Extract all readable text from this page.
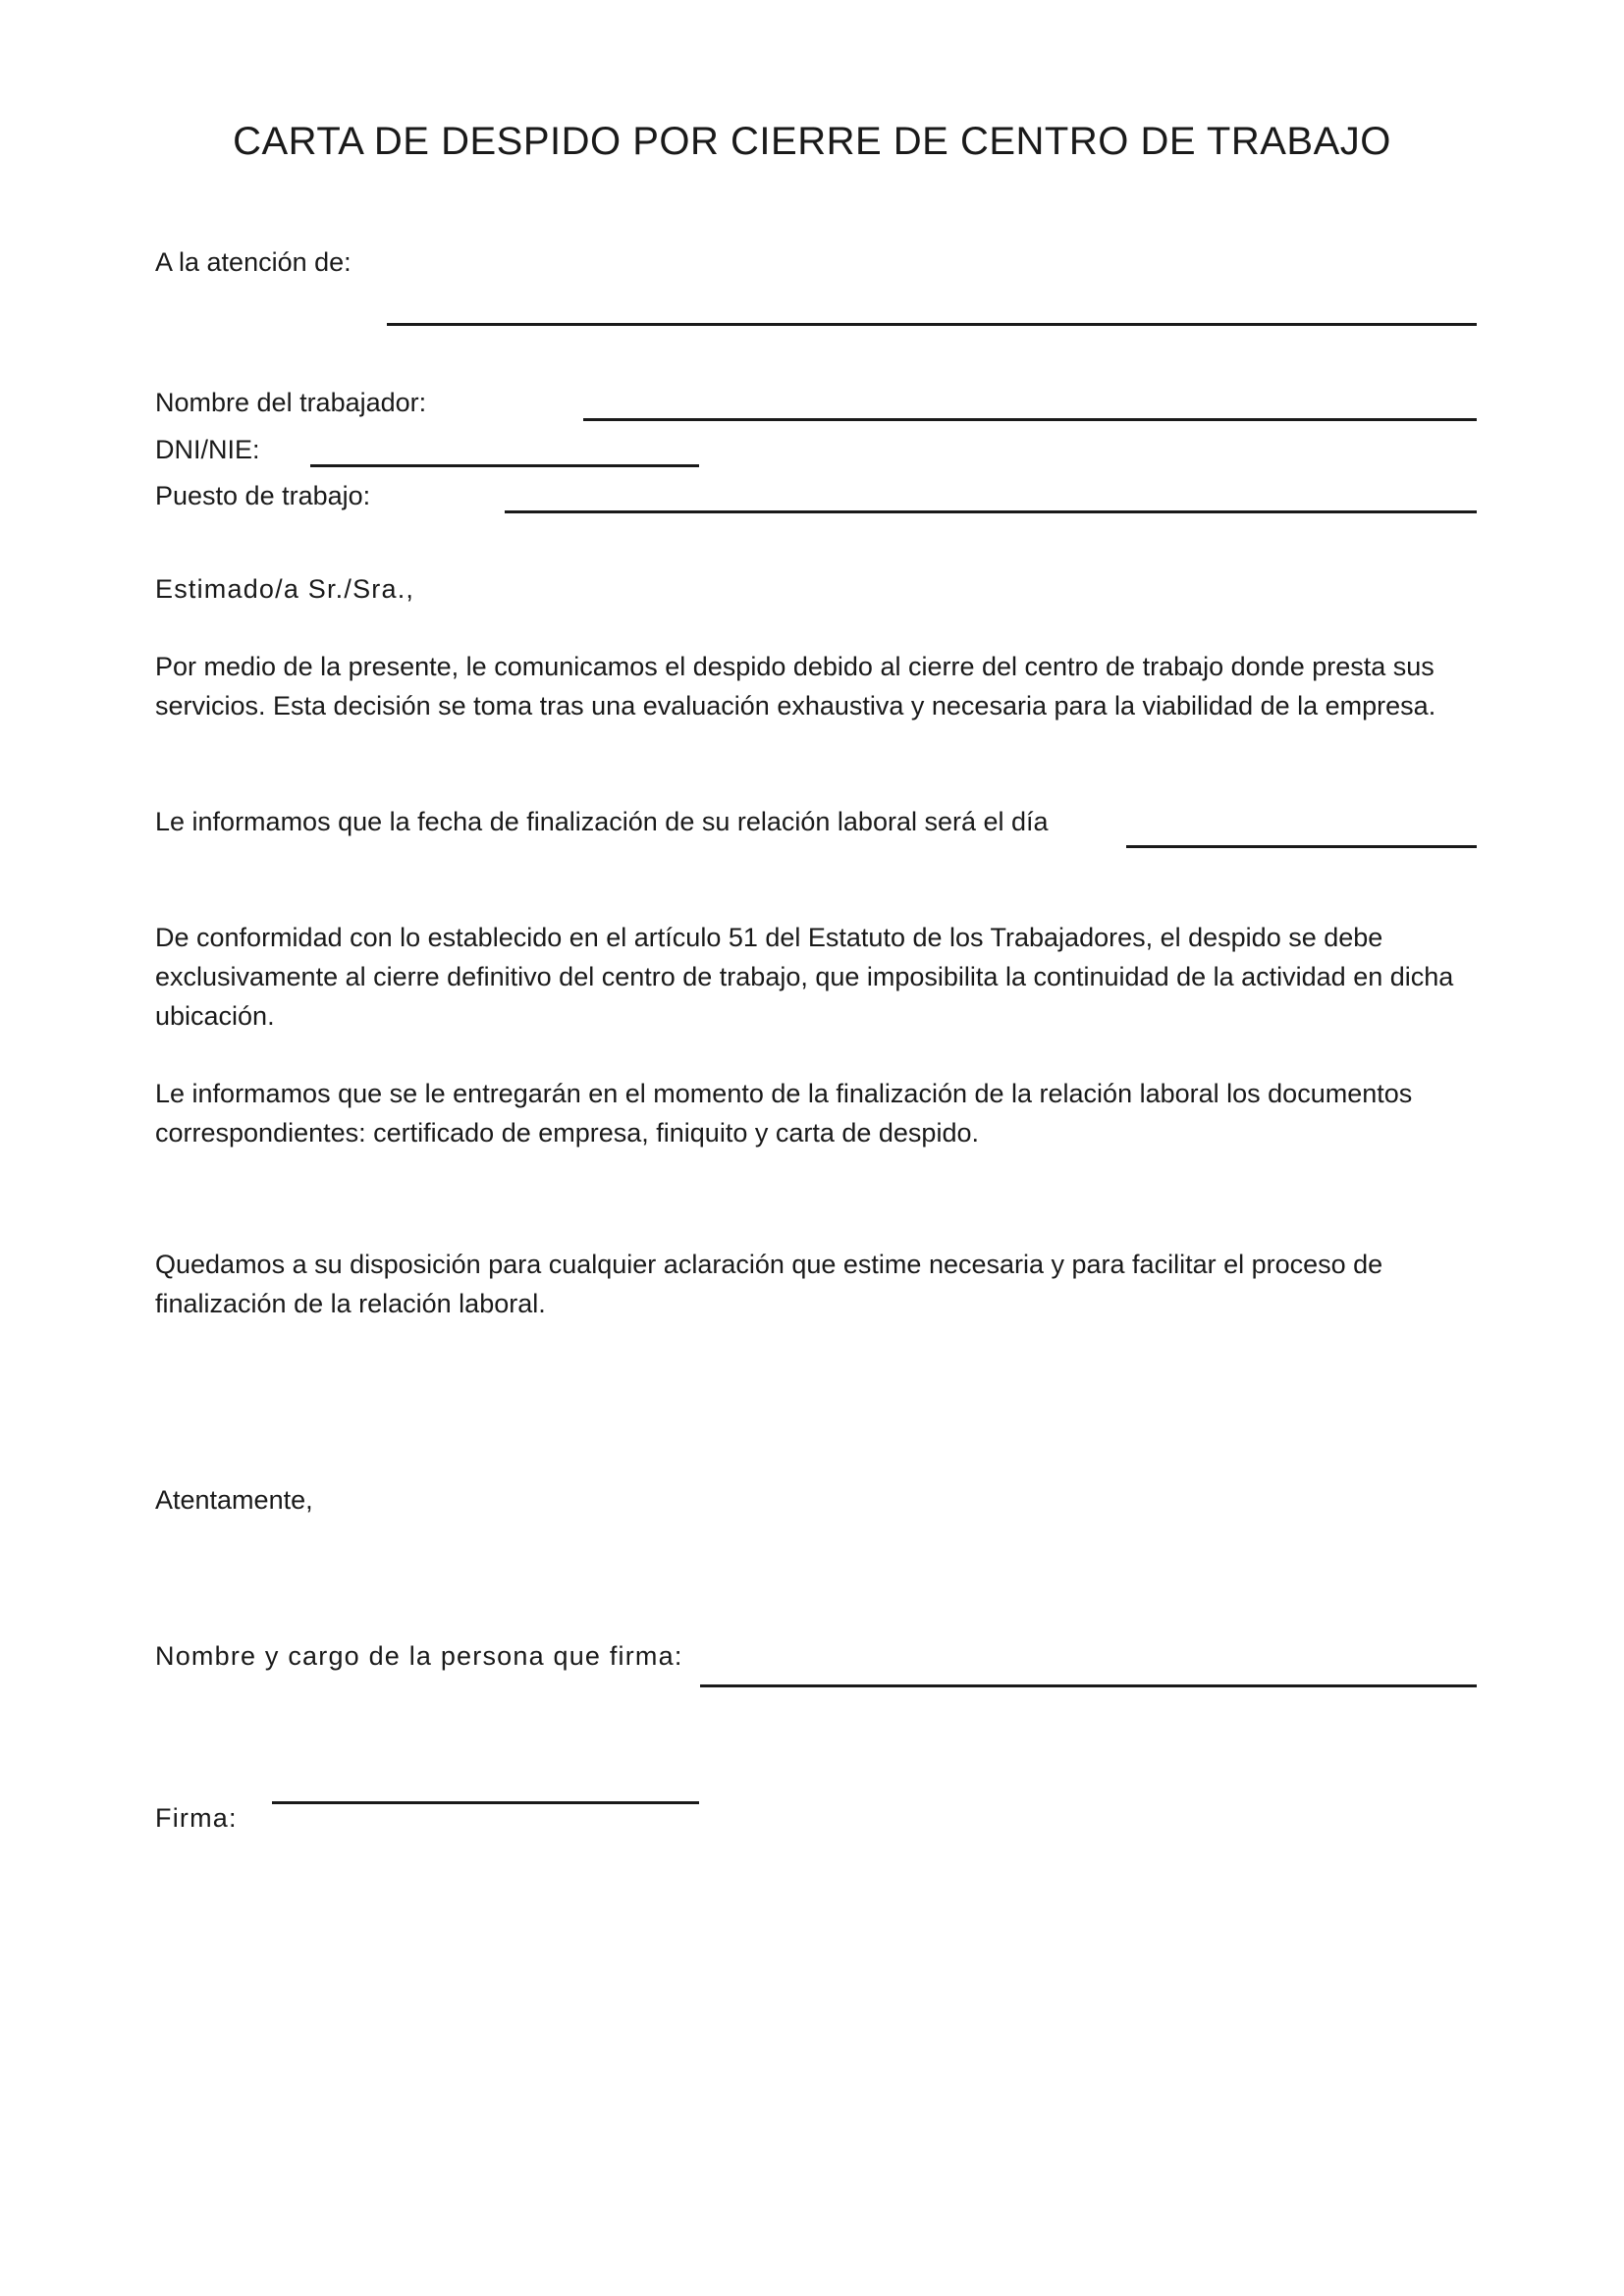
CARTA DE DESPIDO POR CIERRE DE CENTRO DE TRABAJO
A la atención de:
Nombre del trabajador:
DNI/NIE:
Puesto de trabajo:
Estimado/a Sr./Sra.,

Por medio de la presente, le comunicamos el despido debido al cierre del centro de trabajo donde presta sus servicios. Esta decisión se toma tras una evaluación exhaustiva y necesaria para la viabilidad de la empresa.

Le informamos que la fecha de finalización de su relación laboral será el día

De conformidad con lo establecido en el artículo 51 del Estatuto de los Trabajadores, el despido se debe exclusivamente al cierre definitivo del centro de trabajo, que imposibilita la continuidad de la actividad en dicha ubicación.

Le informamos que se le entregarán en el momento de la finalización de la relación laboral los documentos correspondientes: certificado de empresa, finiquito y carta de despido.

Quedamos a su disposición para cualquier aclaración que estime necesaria y para facilitar el proceso de finalización de la relación laboral.

Atentamente,
Nombre y cargo de la persona que firma:
Firma:
